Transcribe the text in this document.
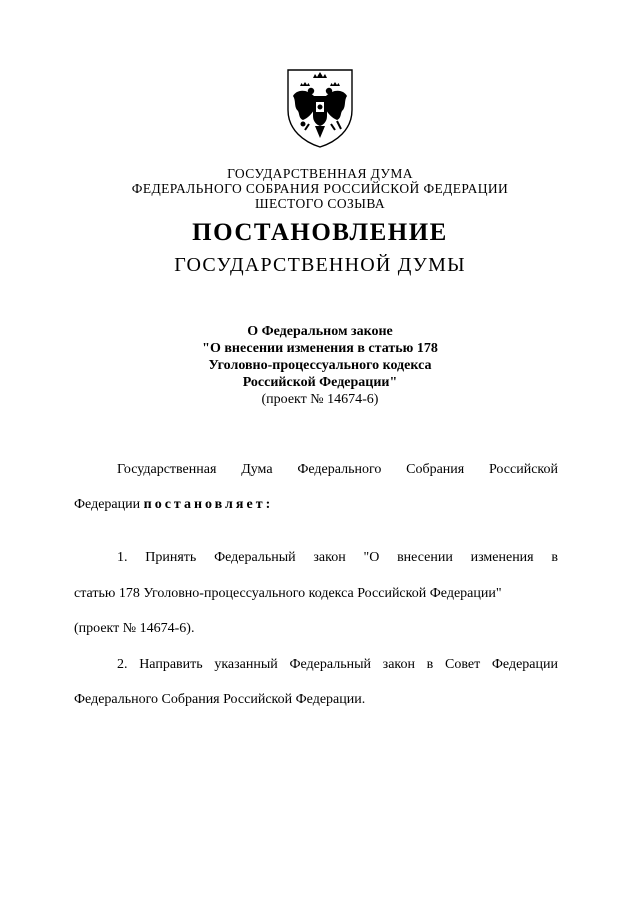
ГОСУДАРСТВЕННАЯ ДУМА
ФЕДЕРАЛЬНОГО СОБРАНИЯ РОССИЙСКОЙ ФЕДЕРАЦИИ
ШЕСТОГО СОЗЫВА
ПОСТАНОВЛЕНИЕ
ГОСУДАРСТВЕННОЙ ДУМЫ
О Федеральном законе
"О внесении изменения в статью 178
Уголовно-процессуального кодекса
Российской Федерации"
(проект № 14674-6)
Государственная Дума Федерального Собрания Российской
Федерации постановляет:
1. Принять Федеральный закон "О внесении изменения в
статью 178 Уголовно-процессуального кодекса Российской Федерации"
(проект № 14674-6).
2. Направить указанный Федеральный закон в Совет Федерации
Федерального Собрания Российской Федерации.
